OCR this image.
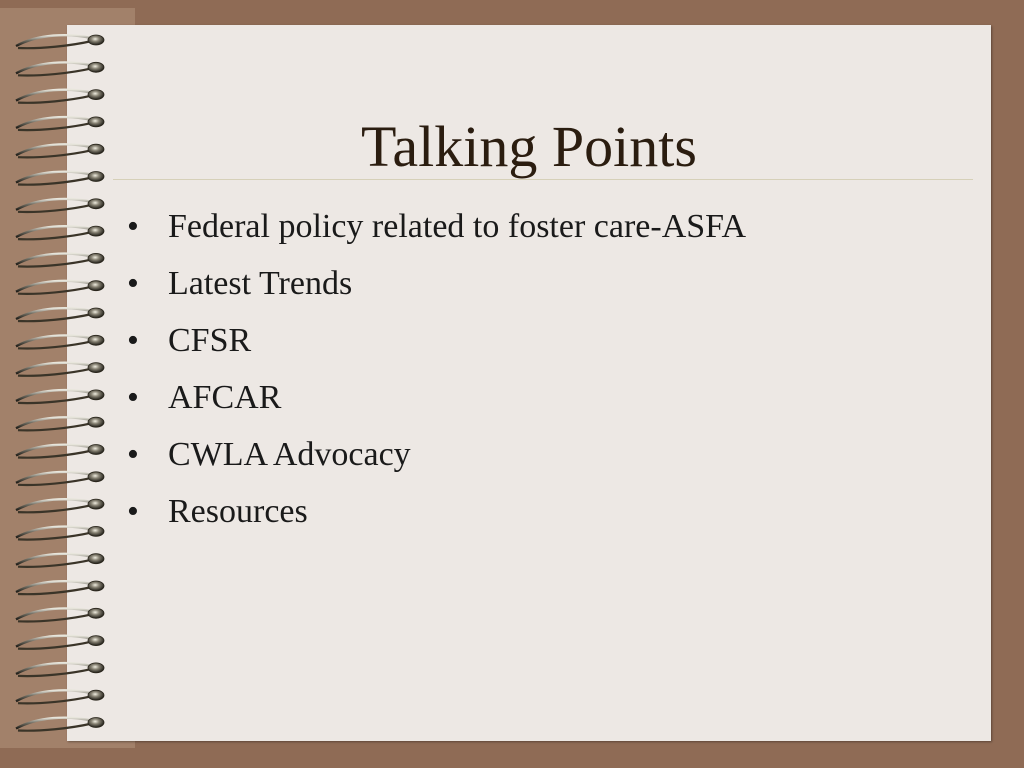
Talking Points
• Federal policy related to foster care-ASFA
• Latest Trends
• CFSR
• AFCAR
• CWLA Advocacy
• Resources
